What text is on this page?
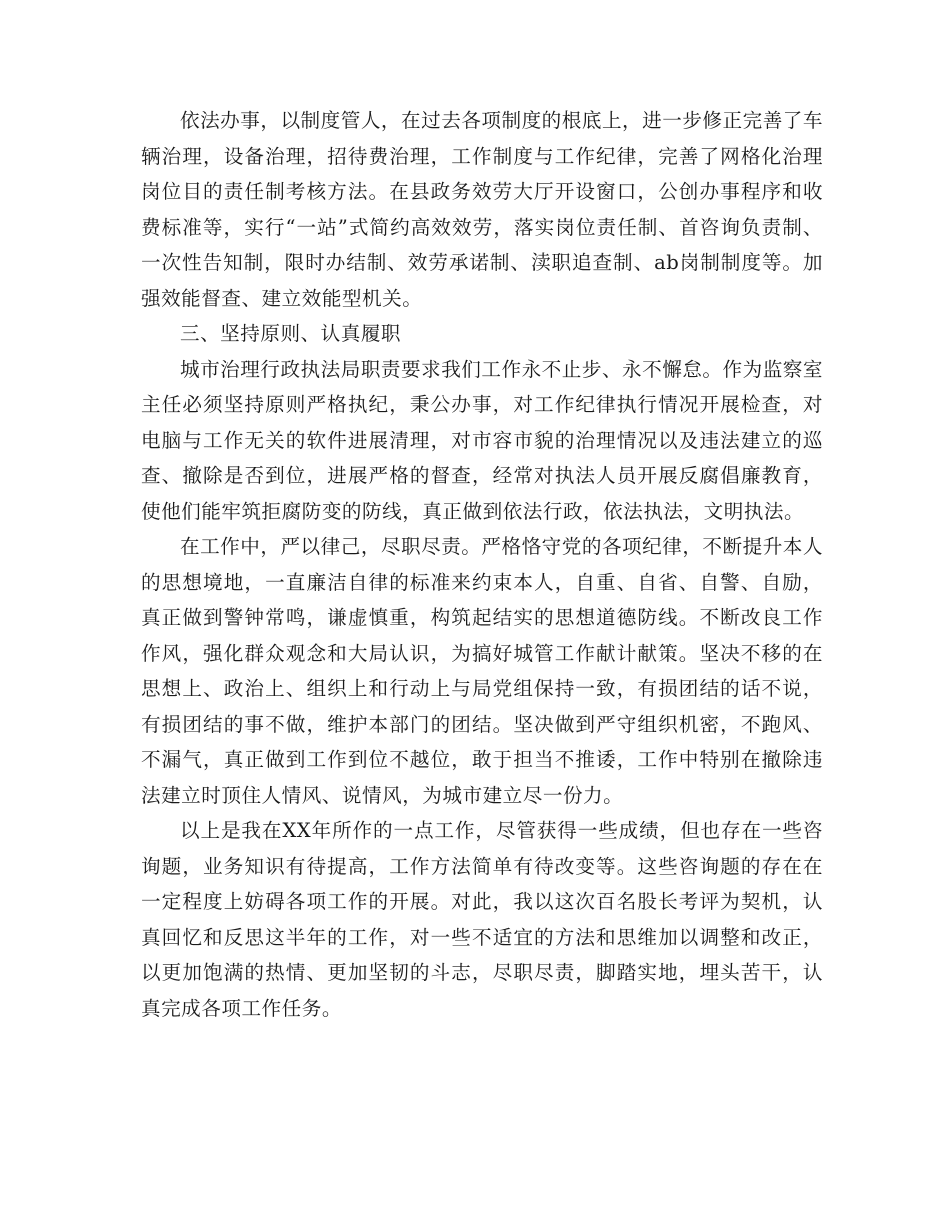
依法办事，以制度管人，在过去各项制度的根底上，进一步修正完善了车辆治理，设备治理，招待费治理，工作制度与工作纪律，完善了网格化治理岗位目的责任制考核方法。在县政务效劳大厅开设窗口，公创办事程序和收费标准等，实行“一站”式简约高效效劳，落实岗位责任制、首咨询负责制、一次性告知制，限时办结制、效劳承诺制、渎职追查制、ab岗制制度等。加强效能督查、建立效能型机关。

三、坚持原则、认真履职

城市治理行政执法局职责要求我们工作永不止步、永不懈怠。作为监察室主任必须坚持原则严格执纪，秉公办事，对工作纪律执行情况开展检查，对电脑与工作无关的软件进展清理，对市容市貌的治理情况以及违法建立的巡查、撤除是否到位，进展严格的督查，经常对执法人员开展反腐倡廉教育，使他们能牢筑拒腐防变的防线，真正做到依法行政，依法执法，文明执法。

在工作中，严以律己，尽职尽责。严格恪守党的各项纪律，不断提升本人的思想境地，一直廉洁自律的标准来约束本人，自重、自省、自警、自励，真正做到警钟常鸣，谦虚慎重，构筑起结实的思想道德防线。不断改良工作作风，强化群众观念和大局认识，为搞好城管工作献计献策。坚决不移的在思想上、政治上、组织上和行动上与局党组保持一致，有损团结的话不说，有损团结的事不做，维护本部门的团结。坚决做到严守组织机密，不跑风、不漏气，真正做到工作到位不越位，敢于担当不推诿，工作中特别在撤除违法建立时顶住人情风、说情风，为城市建立尽一份力。

以上是我在XX年所作的一点工作，尽管获得一些成绩，但也存在一些咨询题，业务知识有待提高，工作方法简单有待改变等。这些咨询题的存在在一定程度上妨碍各项工作的开展。对此，我以这次百名股长考评为契机，认真回忆和反思这半年的工作，对一些不适宜的方法和思维加以调整和改正，以更加饱满的热情、更加坚韧的斗志，尽职尽责，脚踏实地，埋头苦干，认真完成各项工作任务。
